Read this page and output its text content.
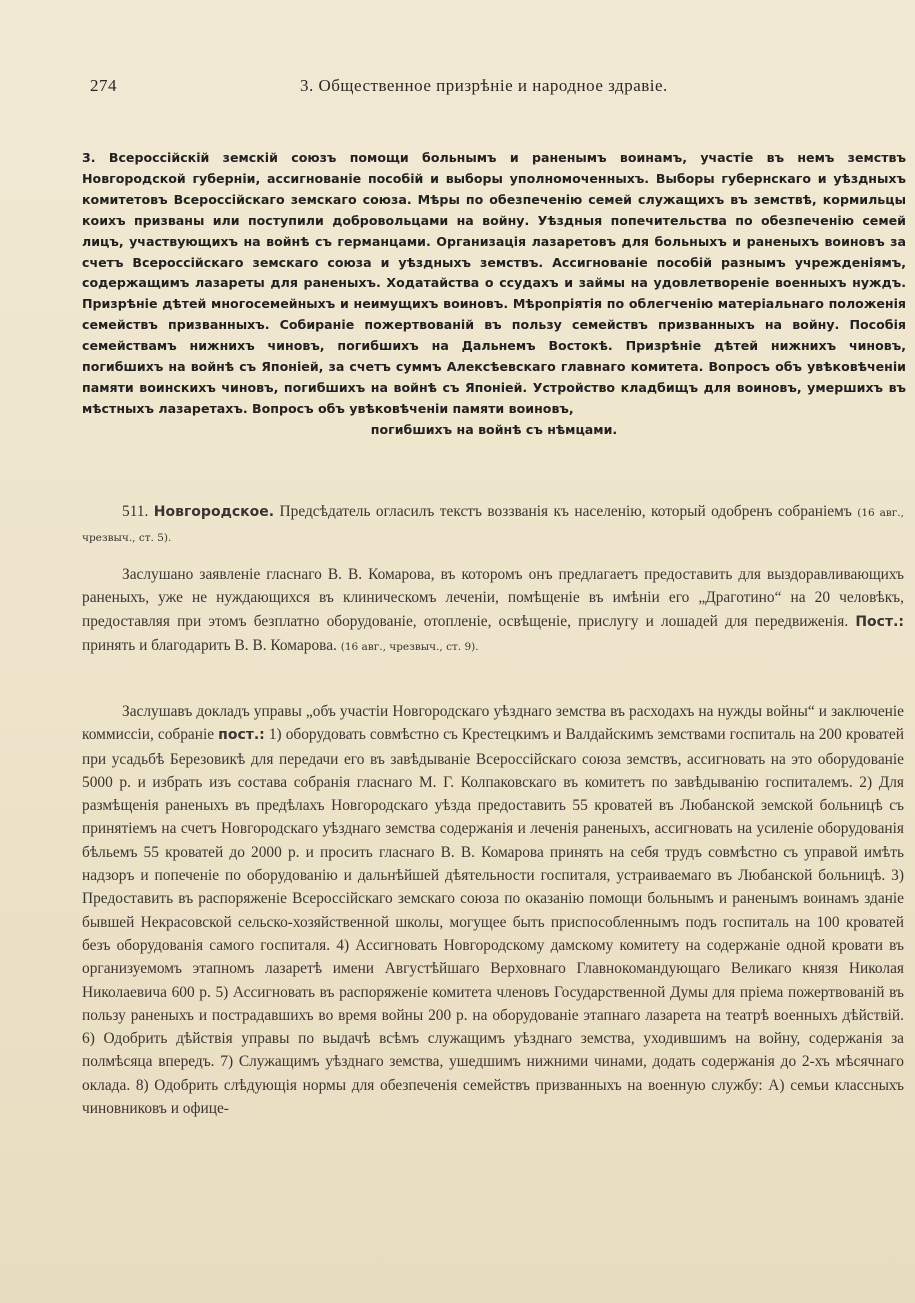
274	3. Общественное призрѣніе и народное здравіе.

3. Всероссійскій земскій союзъ помощи больнымъ и раненымъ воинамъ, участіе въ немъ земствъ Новгородской губерніи, ассигнованіе пособій и выборы уполномоченныхъ. Выборы губернскаго и уѣздныхъ комитетовъ Всероссійскаго земскаго союза. Мѣры по обезпеченію семей служащихъ въ земствѣ, кормильцы коихъ призваны или поступили добровольцами на войну. Уѣздныя попечительства по обезпеченію семей лицъ, участвующихъ на войнѣ съ германцами. Организація лазаретовъ для больныхъ и раненыхъ воиновъ за счетъ Всероссійскаго земскаго союза и уѣздныхъ земствъ. Ассигнованіе пособій разнымъ учрежденіямъ, содержащимъ лазареты для раненыхъ. Ходатайства о ссудахъ и займы на удовлетвореніе военныхъ нуждъ. Призрѣніе дѣтей многосемейныхъ и неимущихъ воиновъ. Мѣропріятія по облегченію матеріальнаго положенія семействъ призванныхъ. Собираніе пожертвованій въ пользу семействъ призванныхъ на войну. Пособія семействамъ нижнихъ чиновъ, погибшихъ на Дальнемъ Востокѣ. Призрѣніе дѣтей нижнихъ чиновъ, погибшихъ на войнѣ съ Японіей, за счетъ суммъ Алексѣевскаго главнаго комитета. Вопросъ объ увѣковѣченіи памяти воинскихъ чиновъ, погибшихъ на войнѣ съ Японіей. Устройство кладбищъ для воиновъ, умершихъ въ мѣстныхъ лазаретахъ. Вопросъ объ увѣковѣченіи памяти воиновъ,

погибшихъ на войнѣ съ нѣмцами.

511. Новгородское. Предсѣдатель огласилъ текстъ воззванія къ населенію, который одобренъ собраніемъ (16 авг., чрезвыч., ст. 5).

Заслушано заявленіе гласнаго В. В. Комарова, въ которомъ онъ предлагаетъ предоставить для выздоравливающихъ раненыхъ, уже не нуждающихся въ клиническомъ леченіи, помѣщеніе въ имѣніи его „Драготино“ на 20 человѣкъ, предоставляя при этомъ безплатно оборудованіе, отопленіе, освѣщеніе, прислугу и лошадей для передвиженія. Пост.: принять и благодарить В. В. Комарова. (16 авг., чрезвыч., ст. 9).

Заслушавъ докладъ управы „объ участіи Новгородскаго уѣзднаго земства въ расходахъ на нужды войны“ и заключеніе коммиссіи, собраніе пост.: 1) оборудовать совмѣстно съ Крестецкимъ и Валдайскимъ земствами госпиталь на 200 кроватей при усадьбѣ Березовикѣ для передачи его въ завѣдываніе Всероссійскаго союза земствъ, ассигновать на это оборудованіе 5000 р. и избрать изъ состава собранія гласнаго М. Г. Колпаковскаго въ комитетъ по завѣдыванію госпиталемъ. 2) Для размѣщенія раненыхъ въ предѣлахъ Новгородскаго уѣзда предоставить 55 кроватей въ Любанской земской больницѣ съ принятіемъ на счетъ Новгородскаго уѣзднаго земства содержанія и леченія раненыхъ, ассигновать на усиленіе оборудованія бѣльемъ 55 кроватей до 2000 р. и просить гласнаго В. В. Комарова принять на себя трудъ совмѣстно съ управой имѣть надзоръ и попеченіе по оборудованію и дальнѣйшей дѣятельности госпиталя, устраиваемаго въ Любанской больницѣ. 3) Предоставить въ распоряженіе Всероссійскаго земскаго союза по оказанію помощи больнымъ и раненымъ воинамъ зданіе бывшей Некрасовской сельско-хозяйственной школы, могущее быть приспособленнымъ подъ госпиталь на 100 кроватей безъ оборудованія самого госпиталя. 4) Ассигновать Новгородскому дамскому комитету на содержаніе одной кровати въ организуемомъ этапномъ лазаретѣ имени Августѣйшаго Верховнаго Главнокомандующаго Великаго князя Николая Николаевича 600 р. 5) Ассигновать въ распоряженіе комитета членовъ Государственной Думы для пріема пожертвованій въ пользу раненыхъ и пострадавшихъ во время войны 200 р. на оборудованіе этапнаго лазарета на театрѣ военныхъ дѣйствій. 6) Одобрить дѣйствія управы по выдачѣ всѣмъ служащимъ уѣзднаго земства, уходившимъ на войну, содержанія за полмѣсяца впередъ. 7) Служащимъ уѣзднаго земства, ушедшимъ нижними чинами, додать содержанія до 2-хъ мѣсячнаго оклада. 8) Одобрить слѣдующія нормы для обезпеченія семействъ призванныхъ на военную службу: А) семьи классныхъ чиновниковъ и офице-
